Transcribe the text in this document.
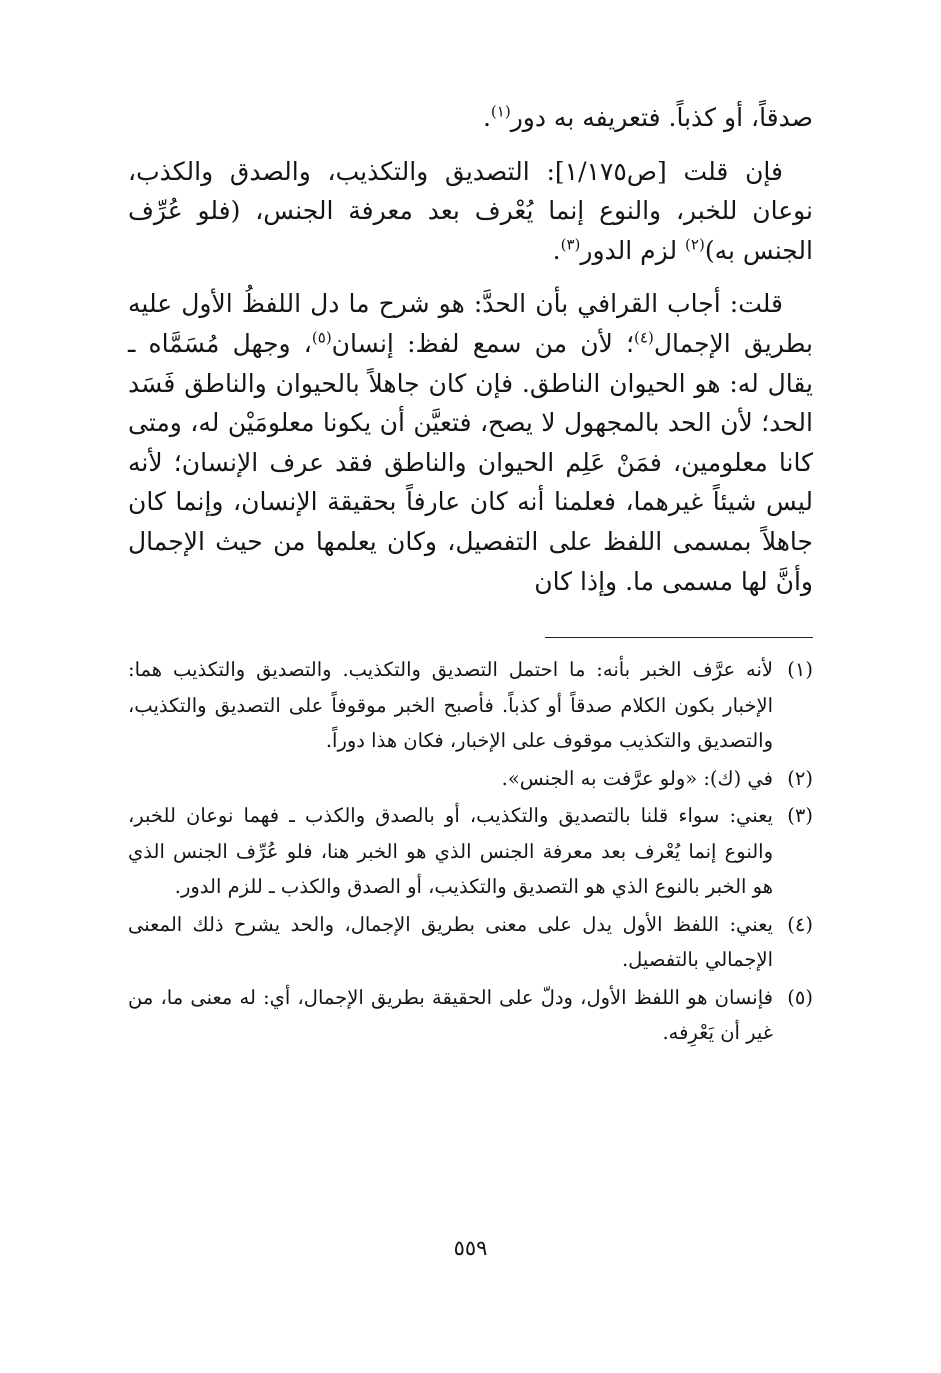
صدقاً، أو كذباً. فتعريفه به دور$^{(١)}$.

فإن قلت [ص١/١٧٥]: التصديق والتكذيب، والصدق والكذب، نوعان للخبر، والنوع إنما يُعْرف بعد معرفة الجنس، (فلو عُرِّف الجنس به)$^{(٢)}$ لزم الدور$^{(٣)}$.

قلت: أجاب القرافي بأن الحدَّ: هو شرح ما دل اللفظُ الأول عليه بطريق الإجمال$^{(٤)}$؛ لأن من سمع لفظ: إنسان$^{(٥)}$، وجهل مُسَمَّاه ـ يقال له: هو الحيوان الناطق. فإن كان جاهلاً بالحيوان والناطق فَسَد الحد؛ لأن الحد بالمجهول لا يصح، فتعيَّن أن يكونا معلومَيْن له، ومتى كانا معلومين، فمَنْ عَلِم الحيوان والناطق فقد عرف الإنسان؛ لأنه ليس شيئاً غيرهما، فعلمنا أنه كان عارفاً بحقيقة الإنسان، وإنما كان جاهلاً بمسمى اللفظ على التفصيل، وكان يعلمها من حيث الإجمال وأنَّ لها مسمى ما. وإذا كان

(١)
لأنه عرَّف الخبر بأنه: ما احتمل التصديق والتكذيب. والتصديق والتكذيب هما: الإخبار بكون الكلام صدقاً أو كذباً. فأصبح الخبر موقوفاً على التصديق والتكذيب، والتصديق والتكذيب موقوف على الإخبار، فكان هذا دوراً.
(٢)
في (ك): «ولو عرَّفت به الجنس».
(٣)
يعني: سواء قلنا بالتصديق والتكذيب، أو بالصدق والكذب ـ فهما نوعان للخبر، والنوع إنما يُعْرف بعد معرفة الجنس الذي هو الخبر هنا، فلو عُرِّف الجنس الذي هو الخبر بالنوع الذي هو التصديق والتكذيب، أو الصدق والكذب ـ للزم الدور.
(٤)
يعني: اللفظ الأول يدل على معنى بطريق الإجمال، والحد يشرح ذلك المعنى الإجمالي بالتفصيل.
(٥)
فإنسان هو اللفظ الأول، ودلّ على الحقيقة بطريق الإجمال، أي: له معنى ما، من غير أن يَعْرِفه.
٥٥٩
